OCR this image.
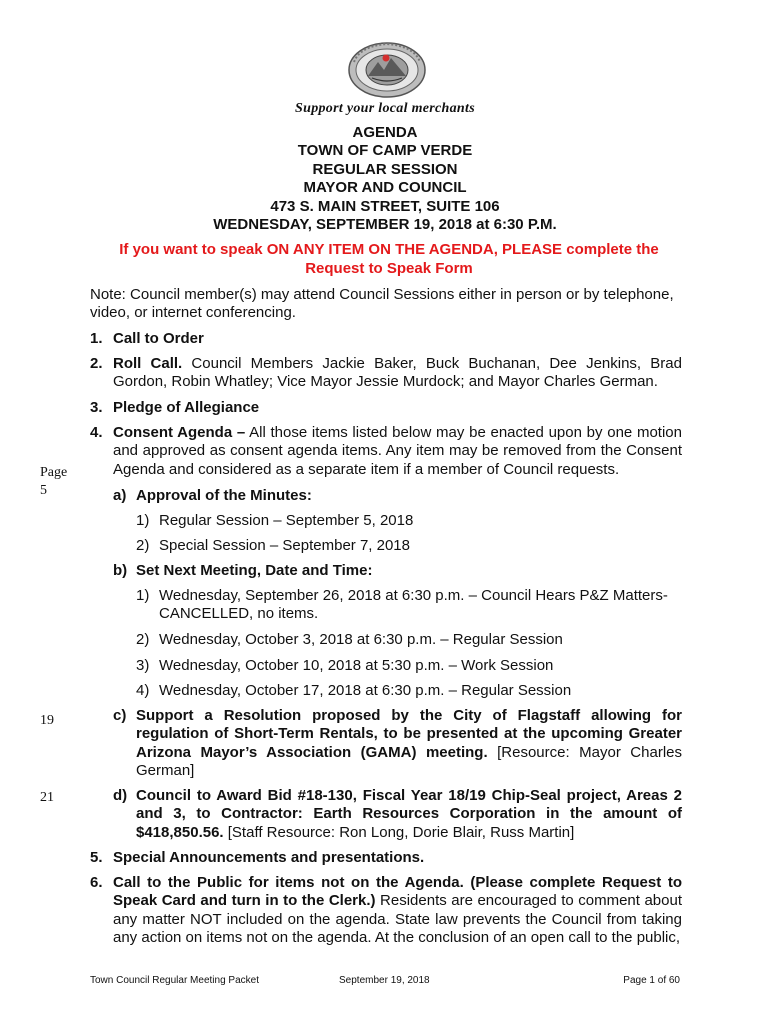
Support your local merchants
AGENDA
TOWN OF CAMP VERDE
REGULAR SESSION
MAYOR AND COUNCIL
473 S. MAIN STREET, SUITE 106
WEDNESDAY, SEPTEMBER 19, 2018 at 6:30 P.M.
If you want to speak ON ANY ITEM ON THE AGENDA, PLEASE complete the
Request to Speak Form
Note: Council member(s) may attend Council Sessions either in person or by telephone, video, or internet conferencing.
1. Call to Order
2. Roll Call. Council Members Jackie Baker, Buck Buchanan, Dee Jenkins, Brad Gordon, Robin Whatley; Vice Mayor Jessie Murdock; and Mayor Charles German.
3. Pledge of Allegiance
4. Consent Agenda – All those items listed below may be enacted upon by one motion and approved as consent agenda items. Any item may be removed from the Consent Agenda and considered as a separate item if a member of Council requests.
a) Approval of the Minutes:
1) Regular Session – September 5, 2018
2) Special Session – September 7, 2018
b) Set Next Meeting, Date and Time:
1) Wednesday, September 26, 2018 at 6:30 p.m. – Council Hears P&Z Matters-CANCELLED, no items.
2) Wednesday, October 3, 2018 at 6:30 p.m. – Regular Session
3) Wednesday, October 10, 2018 at 5:30 p.m. – Work Session
4) Wednesday, October 17, 2018 at 6:30 p.m. – Regular Session
c) Support a Resolution proposed by the City of Flagstaff allowing for regulation of Short-Term Rentals, to be presented at the upcoming Greater Arizona Mayor’s Association (GAMA) meeting. [Resource: Mayor Charles German]
d) Council to Award Bid #18-130, Fiscal Year 18/19 Chip-Seal project, Areas 2 and 3, to Contractor: Earth Resources Corporation in the amount of $418,850.56. [Staff Resource: Ron Long, Dorie Blair, Russ Martin]
5. Special Announcements and presentations.
6. Call to the Public for items not on the Agenda. (Please complete Request to Speak Card and turn in to the Clerk.) Residents are encouraged to comment about any matter NOT included on the agenda. State law prevents the Council from taking any action on items not on the agenda. At the conclusion of an open call to the public,
Page
5
19
21
Town Council Regular Meeting Packet	September 19, 2018	Page 1 of 60
